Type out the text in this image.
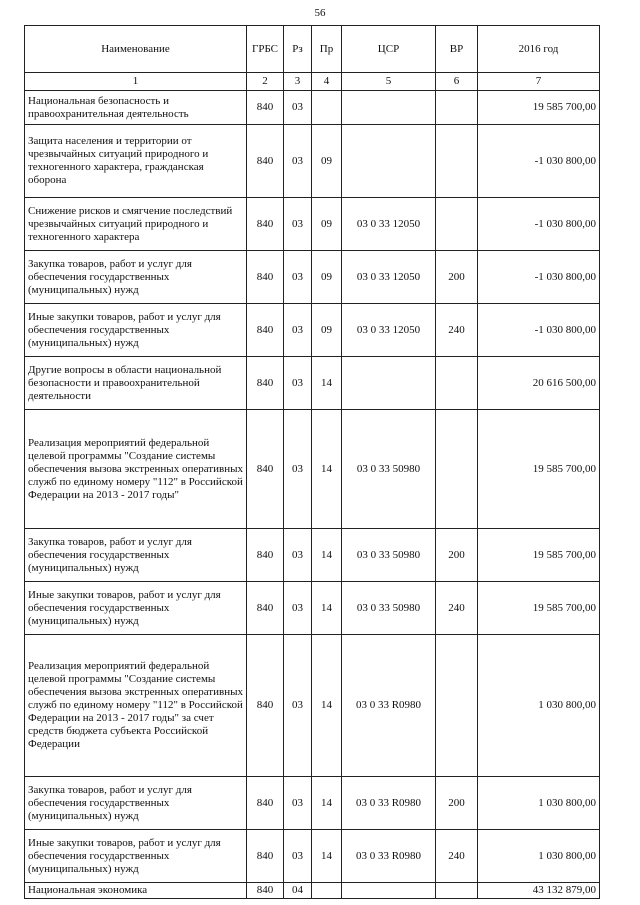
56
Наименование	ГРБС	Рз	Пр	ЦСР	ВР	2016 год
1	2	3	4	5	6	7
Национальная безопасность и правоохранительная деятельность	840	03				19 585 700,00
Защита населения и территории от чрезвычайных ситуаций природного и техногенного характера, гражданская оборона	840	03	09			-1 030 800,00
Снижение рисков и смягчение последствий чрезвычайных ситуаций природного и техногенного характера	840	03	09	03 0 33 12050		-1 030 800,00
Закупка товаров, работ и услуг для обеспечения государственных (муниципальных) нужд	840	03	09	03 0 33 12050	200	-1 030 800,00
Иные закупки товаров, работ и услуг для обеспечения государственных (муниципальных) нужд	840	03	09	03 0 33 12050	240	-1 030 800,00
Другие вопросы в области национальной безопасности и правоохранительной деятельности	840	03	14			20 616 500,00
Реализация мероприятий федеральной целевой программы "Создание системы обеспечения вызова экстренных оперативных служб по единому номеру "112" в Российской Федерации на 2013 - 2017 годы"	840	03	14	03 0 33 50980		19 585 700,00
Закупка товаров, работ и услуг для обеспечения государственных (муниципальных) нужд	840	03	14	03 0 33 50980	200	19 585 700,00
Иные закупки товаров, работ и услуг для обеспечения государственных (муниципальных) нужд	840	03	14	03 0 33 50980	240	19 585 700,00
Реализация мероприятий федеральной целевой программы "Создание системы обеспечения вызова экстренных оперативных служб по единому номеру "112" в Российской Федерации на 2013 - 2017 годы" за счет средств бюджета субъекта Российской Федерации	840	03	14	03 0 33 R0980		1 030 800,00
Закупка товаров, работ и услуг для обеспечения государственных (муниципальных) нужд	840	03	14	03 0 33 R0980	200	1 030 800,00
Иные закупки товаров, работ и услуг для обеспечения государственных (муниципальных) нужд	840	03	14	03 0 33 R0980	240	1 030 800,00
Национальная экономика	840	04				43 132 879,00
